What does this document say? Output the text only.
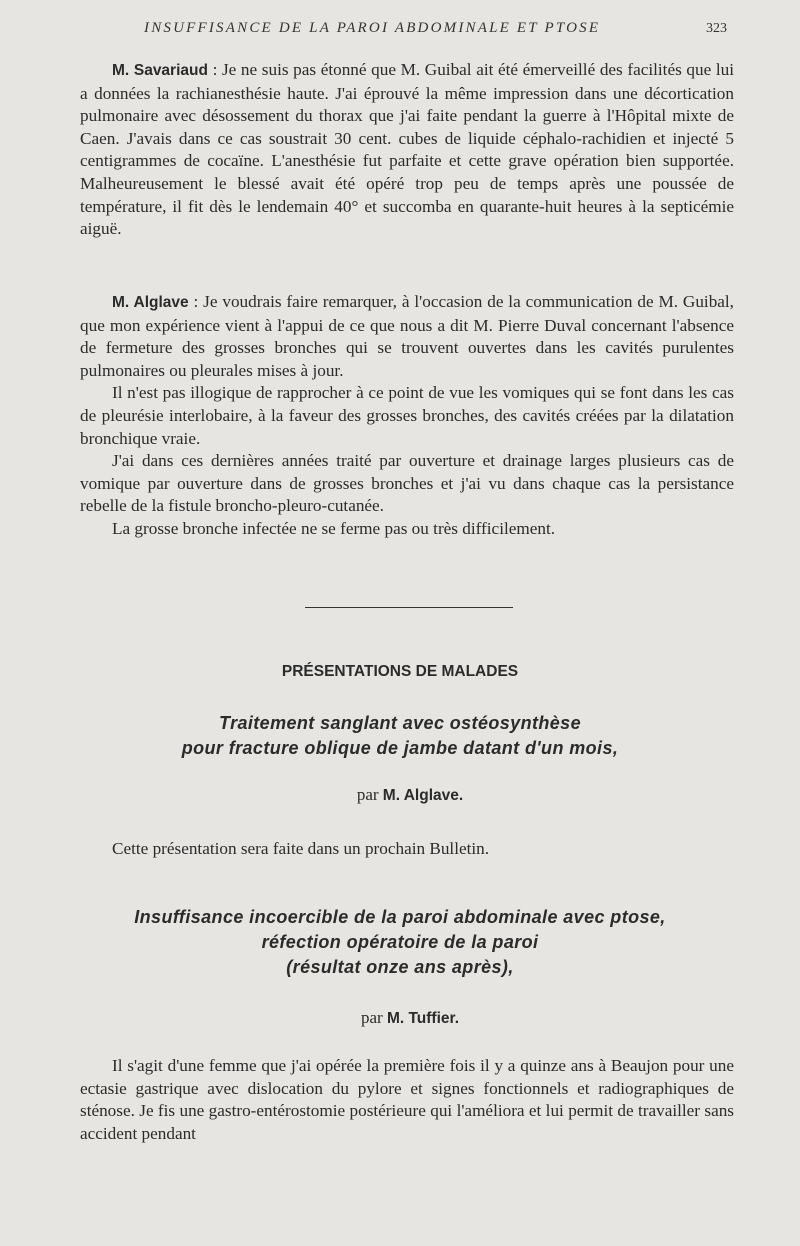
INSUFFISANCE DE LA PAROI ABDOMINALE ET PTOSE	323

M. Savariaud : Je ne suis pas étonné que M. Guibal ait été émerveillé des facilités que lui a données la rachianesthésie haute. J'ai éprouvé la même impression dans une décortication pulmonaire avec désossement du thorax que j'ai faite pendant la guerre à l'Hôpital mixte de Caen. J'avais dans ce cas soustrait 30 cent. cubes de liquide céphalo-rachidien et injecté 5 centigrammes de cocaïne. L'anesthésie fut parfaite et cette grave opération bien supportée. Malheureusement le blessé avait été opéré trop peu de temps après une poussée de température, il fit dès le lendemain 40° et succomba en quarante-huit heures à la septicémie aiguë.

M. Alglave : Je voudrais faire remarquer, à l'occasion de la communication de M. Guibal, que mon expérience vient à l'appui de ce que nous a dit M. Pierre Duval concernant l'absence de fermeture des grosses bronches qui se trouvent ouvertes dans les cavités purulentes pulmonaires ou pleurales mises à jour.

Il n'est pas illogique de rapprocher à ce point de vue les vomiques qui se font dans les cas de pleurésie interlobaire, à la faveur des grosses bronches, des cavités créées par la dilatation bronchique vraie.

J'ai dans ces dernières années traité par ouverture et drainage larges plusieurs cas de vomique par ouverture dans de grosses bronches et j'ai vu dans chaque cas la persistance rebelle de la fistule broncho-pleuro-cutanée.

La grosse bronche infectée ne se ferme pas ou très difficilement.

PRÉSENTATIONS DE MALADES
Traitement sanglant avec ostéosynthèse
pour fracture oblique de jambe datant d'un mois,
par M. Alglave.

Cette présentation sera faite dans un prochain Bulletin.

Insuffisance incoercible de la paroi abdominale avec ptose,
réfection opératoire de la paroi
(résultat onze ans après),
par M. Tuffier.

Il s'agit d'une femme que j'ai opérée la première fois il y a quinze ans à Beaujon pour une ectasie gastrique avec dislocation du pylore et signes fonctionnels et radiographiques de sténose. Je fis une gastro-entérostomie postérieure qui l'améliora et lui permit de travailler sans accident pendant
